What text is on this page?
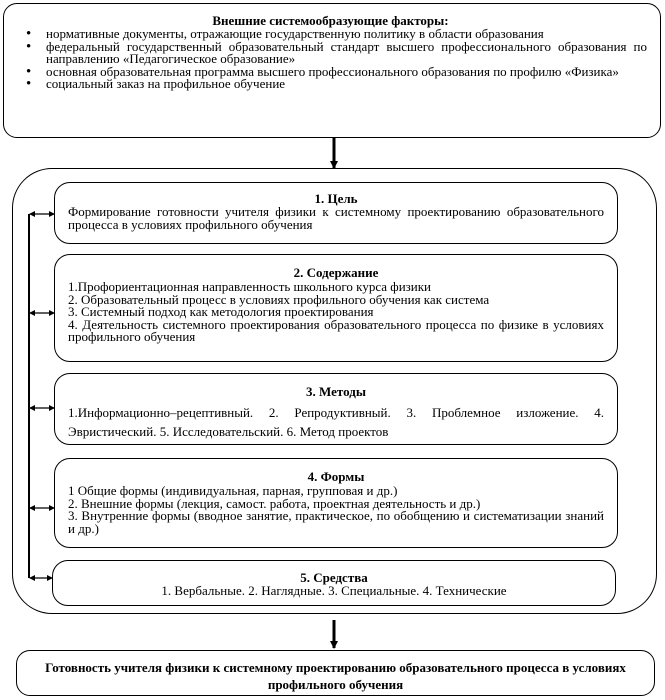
Внешние системообразующие факторы:
• нормативные документы, отражающие государственную политику в области образования
• федеральный государственный образовательный стандарт высшего профессионального образования по направлению «Педагогическое образование»
• основная образовательная программа высшего профессионального образования по профилю «Физика»
• социальный заказ на профильное обучение
1. Цель
Формирование готовности учителя физики к системному проектированию образовательного процесса в условиях профильного обучения
2. Содержание

1.Профориентационная направленность школьного курса физики

2. Образовательный процесс в условиях профильного обучения как система

3. Системный подход как методология проектирования

4. Деятельность системного проектирования образовательного процесса по физике в условиях профильного обучения

3. Методы
1.Информационно–рецептивный. 2. Репродуктивный. 3. Проблемное изложение. 4. Эвристический. 5. Исследовательский. 6. Метод проектов
4. Формы

1 Общие формы (индивидуальная, парная, групповая и др.)

2. Внешние формы (лекция, самост. работа, проектная деятельность и др.)

3. Внутренние формы (вводное занятие, практическое, по обобщению и систематизации знаний и др.)

5. Средства
1. Вербальные. 2. Наглядные. 3. Специальные. 4. Технические
Готовность учителя физики к системному проектированию образовательного процесса в условиях профильного обучения
